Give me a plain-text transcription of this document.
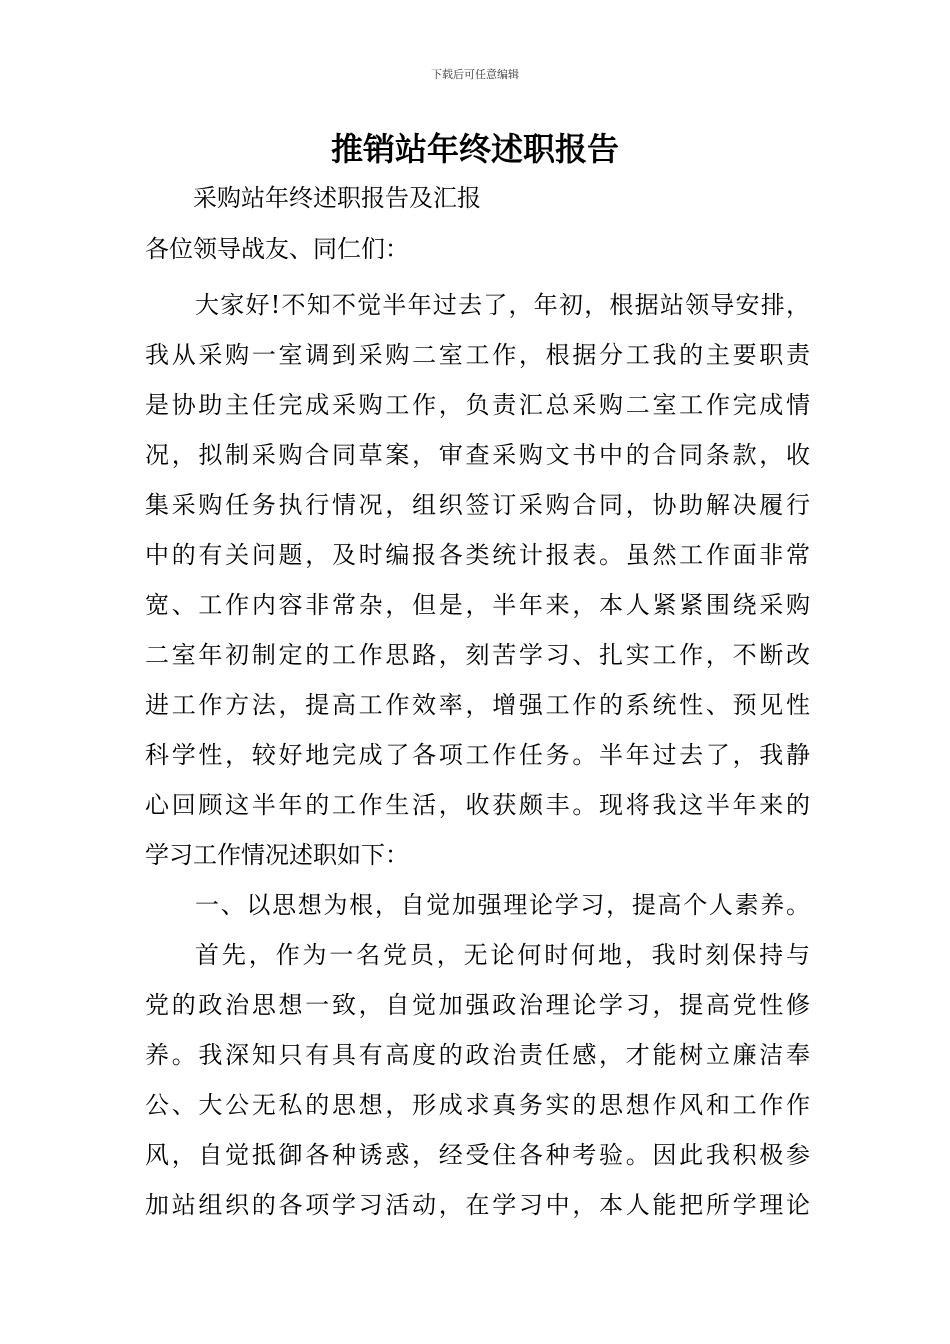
下载后可任意编辑
推销站年终述职报告
采购站年终述职报告及汇报
各位领导战友、同仁们：
大家好!不知不觉半年过去了，年初，根据站领导安排，
我从采购一室调到采购二室工作，根据分工我的主要职责
是协助主任完成采购工作，负责汇总采购二室工作完成情
况，拟制采购合同草案，审查采购文书中的合同条款，收
集采购任务执行情况，组织签订采购合同，协助解决履行
中的有关问题，及时编报各类统计报表。虽然工作面非常
宽、工作内容非常杂，但是，半年来，本人紧紧围绕采购
二室年初制定的工作思路，刻苦学习、扎实工作，不断改
进工作方法，提高工作效率，增强工作的系统性、预见性
科学性，较好地完成了各项工作任务。半年过去了，我静
心回顾这半年的工作生活，收获颇丰。现将我这半年来的
学习工作情况述职如下：
一、以思想为根，自觉加强理论学习，提高个人素养。
首先，作为一名党员，无论何时何地，我时刻保持与
党的政治思想一致，自觉加强政治理论学习，提高党性修
养。我深知只有具有高度的政治责任感，才能树立廉洁奉
公、大公无私的思想，形成求真务实的思想作风和工作作
风，自觉抵御各种诱惑，经受住各种考验。因此我积极参
加站组织的各项学习活动，在学习中，本人能把所学理论
